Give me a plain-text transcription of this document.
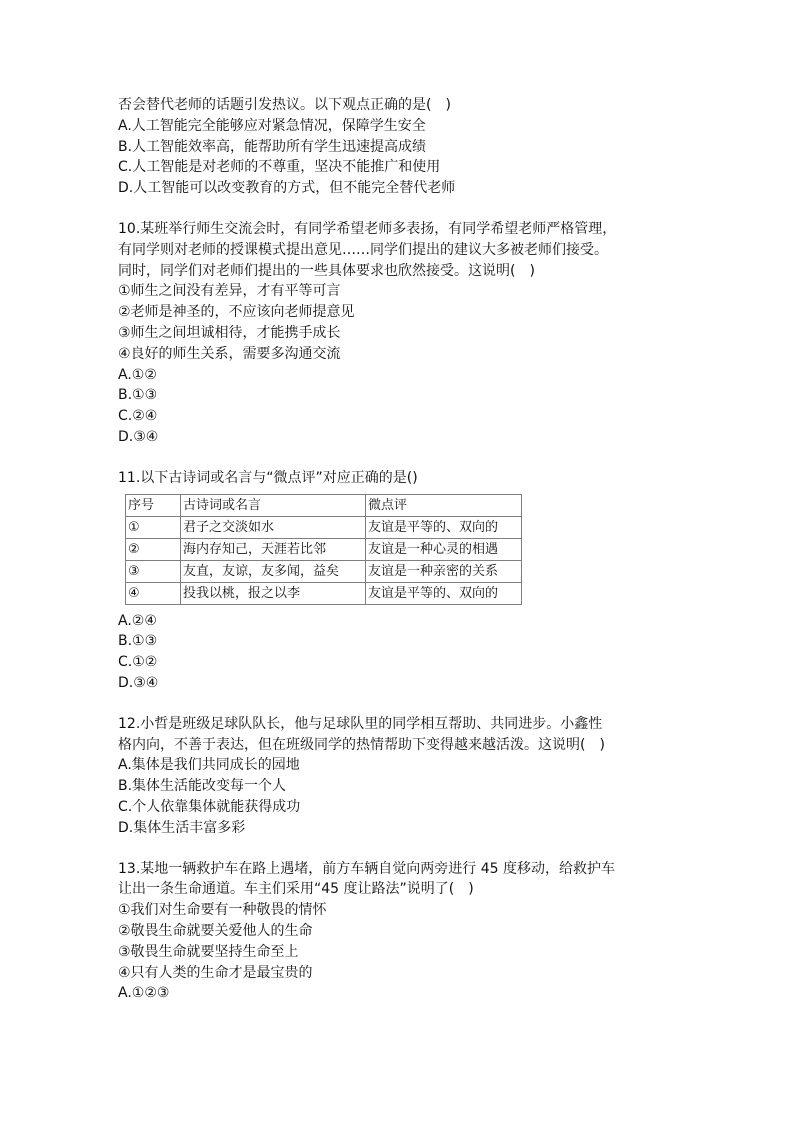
否会替代老师的话题引发热议。以下观点正确的是(　)
A.人工智能完全能够应对紧急情况，保障学生安全
B.人工智能效率高，能帮助所有学生迅速提高成绩
C.人工智能是对老师的不尊重，坚决不能推广和使用
D.人工智能可以改变教育的方式，但不能完全替代老师
10.某班举行师生交流会时，有同学希望老师多表扬，有同学希望老师严格管理，
有同学则对老师的授课模式提出意见……同学们提出的建议大多被老师们接受。
同时，同学们对老师们提出的一些具体要求也欣然接受。这说明(　)
①师生之间没有差异，才有平等可言
②老师是神圣的，不应该向老师提意见
③师生之间坦诚相待，才能携手成长
④良好的师生关系，需要多沟通交流
A.①②
B.①③
C.②④
D.③④
11.以下古诗词或名言与“微点评”对应正确的是()
序号	古诗词或名言	微点评
①	君子之交淡如水	友谊是平等的、双向的
②	海内存知己，天涯若比邻	友谊是一种心灵的相遇
③	友直，友谅，友多闻，益矣	友谊是一种亲密的关系
④	投我以桃，报之以李	友谊是平等的、双向的
A.②④
B.①③
C.①②
D.③④
12.小哲是班级足球队队长，他与足球队里的同学相互帮助、共同进步。小鑫性
格内向，不善于表达，但在班级同学的热情帮助下变得越来越活泼。这说明(　)
A.集体是我们共同成长的园地
B.集体生活能改变每一个人
C.个人依靠集体就能获得成功
D.集体生活丰富多彩
13.某地一辆救护车在路上遇堵，前方车辆自觉向两旁进行 45 度移动，给救护车
让出一条生命通道。车主们采用“45 度让路法”说明了(　)
①我们对生命要有一种敬畏的情怀
②敬畏生命就要关爱他人的生命
③敬畏生命就要坚持生命至上
④只有人类的生命才是最宝贵的
A.①②③
